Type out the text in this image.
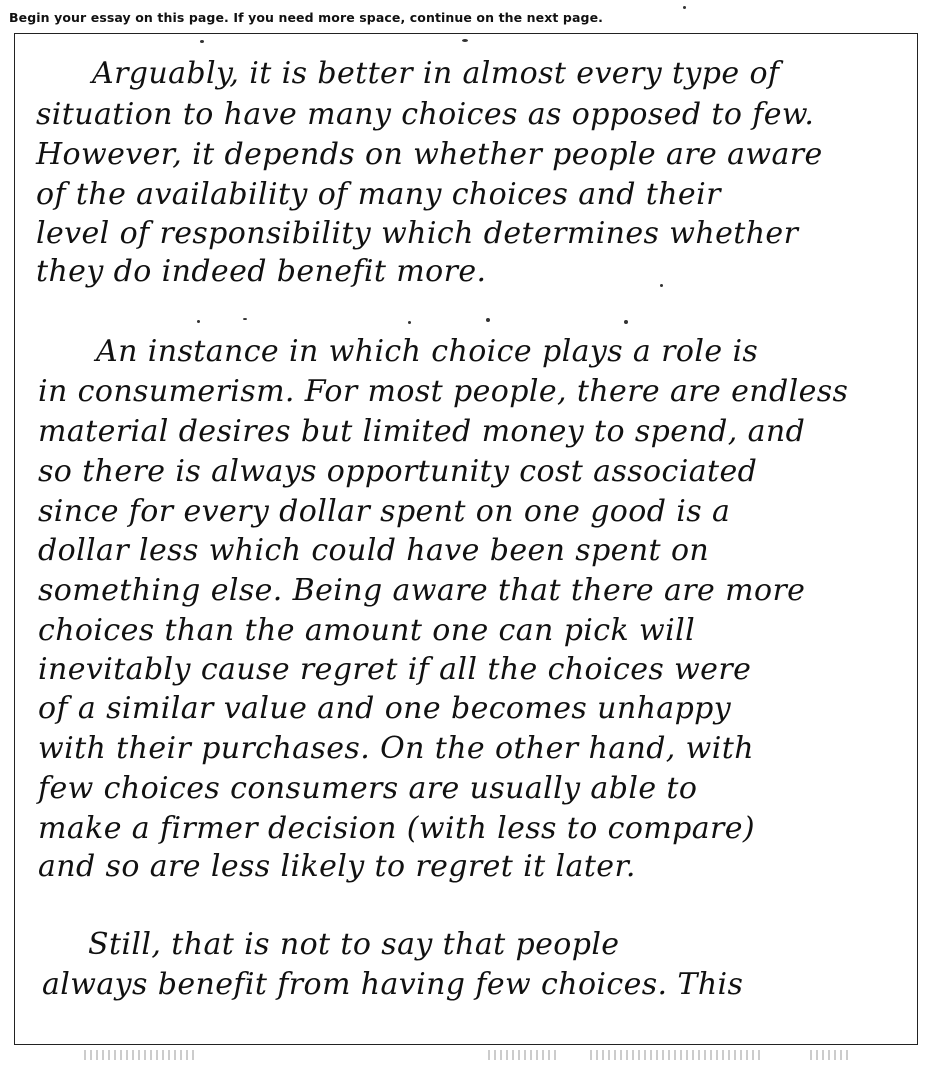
Begin your essay on this page. If you need more space, continue on the next page.
Arguably, it is better in almost every type of
situation to have many choices as opposed to few.
However, it depends on whether people are aware
of the availability of many choices and their
level of responsibility which determines whether
they do indeed benefit more.
An instance in which choice plays a role is
in consumerism. For most people, there are endless
material desires but limited money to spend, and
so there is always opportunity cost associated
since for every dollar spent on one good is a
dollar less which could have been spent on
something else. Being aware that there are more
choices than the amount one can pick will
inevitably cause regret if all the choices were
of a similar value and one becomes unhappy
with their purchases. On the other hand, with
few choices consumers are usually able to
make a firmer decision (with less to compare)
and so are less likely to regret it later.
Still, that is not to say that people
always benefit from having few choices. This
